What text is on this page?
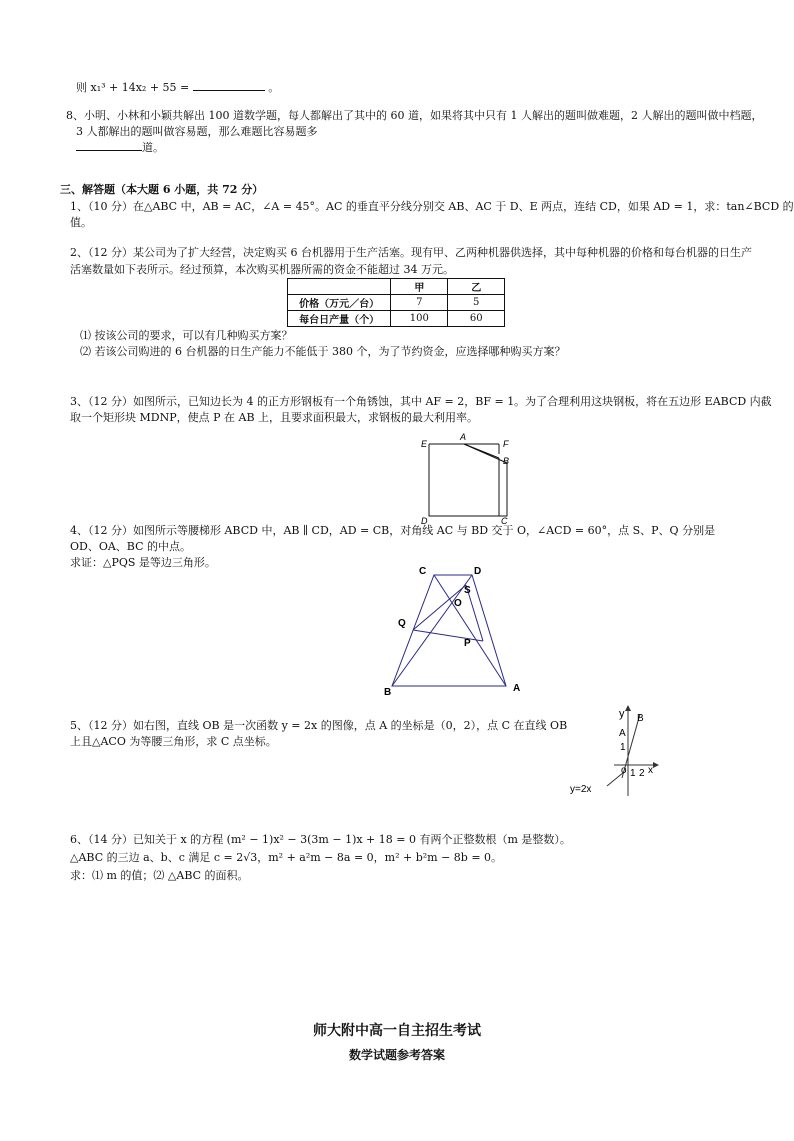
则 x₁³ + 14x₂ + 55 =	。
8、小明、小林和小颖共解出 100 道数学题，每人都解出了其中的 60 道，如果将其中只有 1 人解出的题叫做难题，2 人解出的题叫做中档题，
3 人都解出的题叫做容易题，那么难题比容易题多
道。
三、解答题（本大题 6 小题，共 72 分）
1、（10 分）在△ABC 中，AB = AC，∠A = 45°。AC 的垂直平分线分别交 AB、AC 于 D、E 两点，连结 CD，如果 AD = 1，求：tan∠BCD 的
值。
2、（12 分）某公司为了扩大经营，决定购买 6 台机器用于生产活塞。现有甲、乙两种机器供选择，其中每种机器的价格和每台机器的日生产
活塞数量如下表所示。经过预算，本次购买机器所需的资金不能超过 34 万元。
	甲	乙
价格（万元／台）	7	5
每台日产量（个）	100	60
⑴ 按该公司的要求，可以有几种购买方案？
⑵ 若该公司购进的 6 台机器的日生产能力不能低于 380 个，为了节约资金，应选择哪种购买方案？
3、（12 分）如图所示，已知边长为 4 的正方形钢板有一个角锈蚀，其中 AF = 2，BF = 1。为了合理利用这块钢板，将在五边形 EABCD 内截
取一个矩形块 MDNP，使点 P 在 AB 上，且要求面积最大，求钢板的最大利用率。
E
A
F
B
D	C
4、（12 分）如图所示等腰梯形 ABCD 中，AB ∥ CD，AD = CB，对角线 AC 与 BD 交于 O，∠ACD = 60°，点 S、P、Q 分别是
OD、OA、BC 的中点。
求证：△PQS 是等边三角形。
C	D
S
O
Q
P
B	A
5、（12 分）如右图，直线 OB 是一次函数 y = 2x 的图像，点 A 的坐标是（0，2），点 C 在直线 OB
上且△ACO 为等腰三角形，求 C 点坐标。
y B
A
1
o 1 2 x
y=2x
6、（14 分）已知关于 x 的方程 (m² − 1)x² − 3(3m − 1)x + 18 = 0 有两个正整数根（m 是整数）。
△ABC 的三边 a、b、c 满足 c = 2√3，m² + a²m − 8a = 0，m² + b²m − 8b = 0。
求：⑴ m 的值；⑵ △ABC 的面积。
师大附中高一自主招生考试
数学试题参考答案
